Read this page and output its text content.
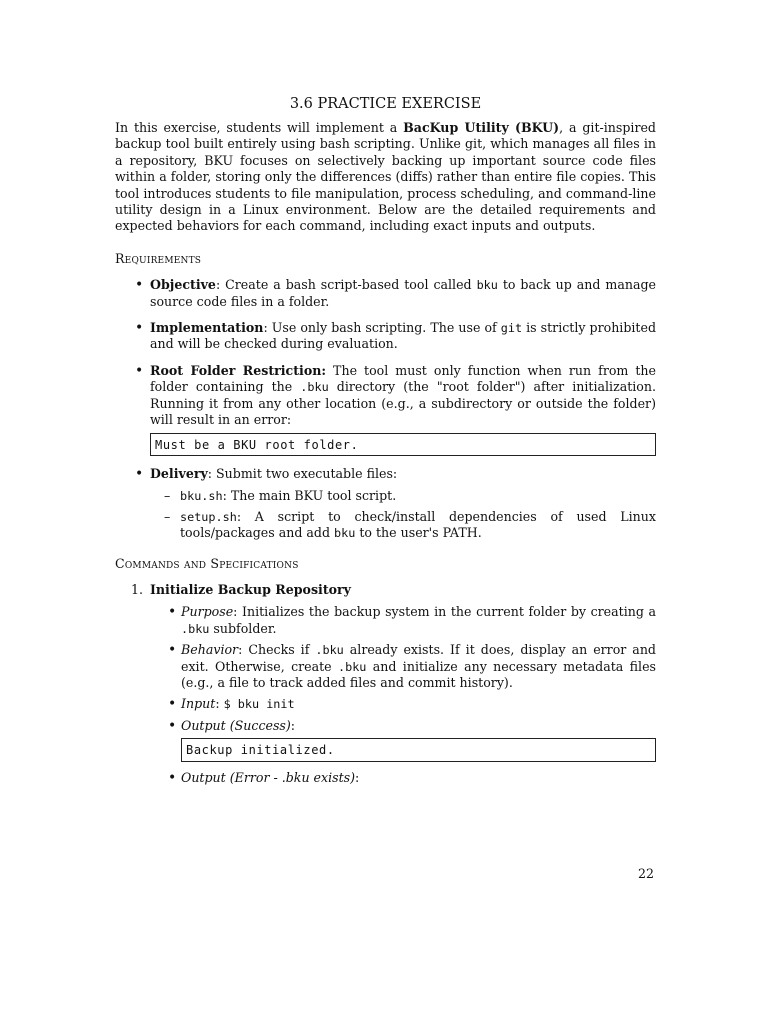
3.6 PRACTICE EXERCISE

In this exercise, students will implement a BacKup Utility (BKU), a git-inspired backup tool built entirely using bash scripting. Unlike git, which manages all files in a repository, BKU focuses on selectively backing up important source code files within a folder, storing only the differences (diffs) rather than entire file copies. This tool introduces students to file manipulation, process scheduling, and command-line utility design in a Linux environment. Below are the detailed requirements and expected behaviors for each command, including exact inputs and outputs.

Requirements
• Objective: Create a bash script-based tool called bku to back up and manage source code files in a folder.
• Implementation: Use only bash scripting. The use of git is strictly prohibited and will be checked during evaluation.
• Root Folder Restriction: The tool must only function when run from the folder containing the .bku directory (the "root folder") after initialization. Running it from any other location (e.g., a subdirectory or outside the folder) will result in an error:
Must be a BKU root folder.
• Delivery: Submit two executable files:
– bku.sh: The main BKU tool script.
– setup.sh: A script to check/install dependencies of used Linux tools/packages and add bku to the user's PATH.
Commands and Specifications
1. Initialize Backup Repository
• Purpose: Initializes the backup system in the current folder by creating a .bku subfolder.
• Behavior: Checks if .bku already exists. If it does, display an error and exit. Otherwise, create .bku and initialize any necessary metadata files (e.g., a file to track added files and commit history).
• Input: $ bku init
• Output (Success):
Backup initialized.
• Output (Error - .bku exists):
22
